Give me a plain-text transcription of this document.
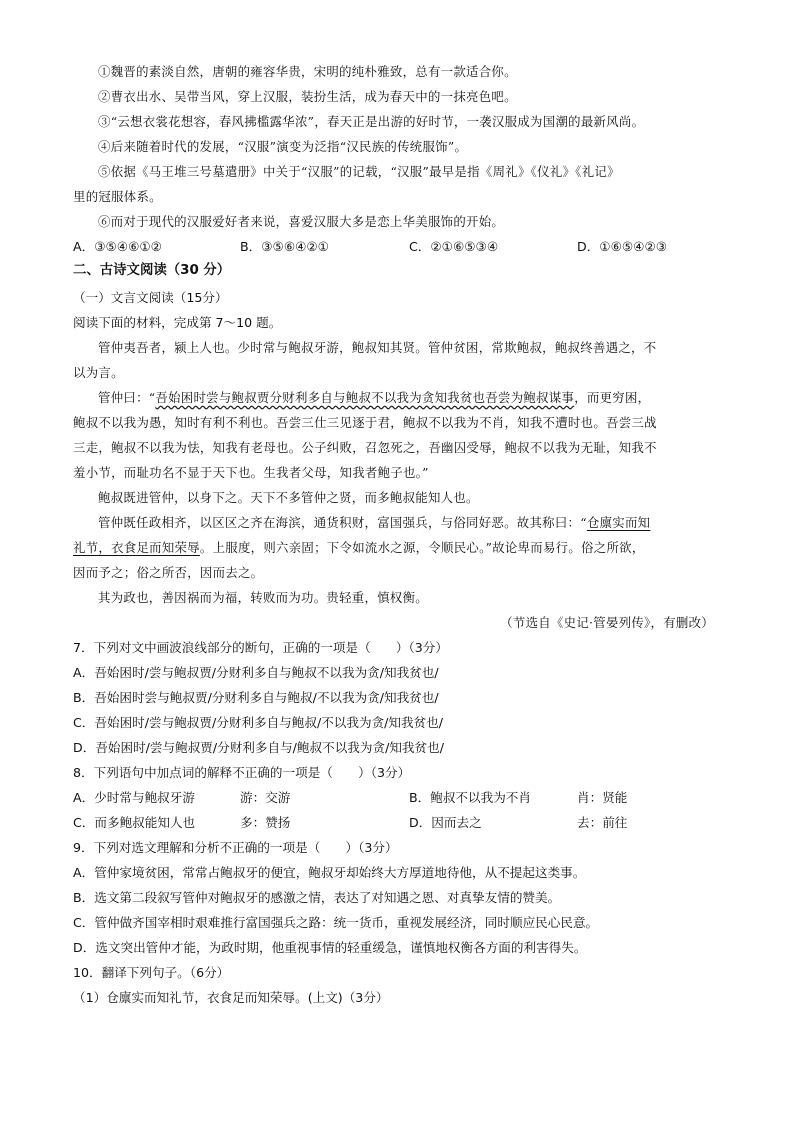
①魏晋的素淡自然，唐朝的雍容华贵，宋明的纯朴雅致，总有一款适合你。
②曹衣出水、吴带当风，穿上汉服，装扮生活，成为春天中的一抹亮色吧。
③“云想衣裳花想容，春风拂槛露华浓”，春天正是出游的好时节，一袭汉服成为国潮的最新风尚。
④后来随着时代的发展，“汉服”演变为泛指“汉民族的传统服饰”。
⑤依据《马王堆三号墓遣册》中关于“汉服”的记载，“汉服”最早是指《周礼》《仪礼》《礼记》
里的冠服体系。
⑥而对于现代的汉服爱好者来说，喜爱汉服大多是恋上华美服饰的开始。
A．③⑤④⑥①②	B．③⑤⑥④②①	C．②①⑥⑤③④	D．①⑥⑤④②③
二、古诗文阅读（30 分）
（一）文言文阅读（15分）
阅读下面的材料，完成第 7～10 题。
管仲夷吾者，颍上人也。少时常与鲍叔牙游，鲍叔知其贤。管仲贫困，常欺鲍叔，鲍叔终善遇之，不
以为言。
管仲曰：“吾始困时尝与鲍叔贾分财利多自与鲍叔不以我为贪知我贫也吾尝为鲍叔谋事，而更穷困，
鲍叔不以我为愚，知时有利不利也。吾尝三仕三见逐于君，鲍叔不以我为不肖，知我不遭时也。吾尝三战
三走，鲍叔不以我为怯，知我有老母也。公子纠败，召忽死之，吾幽囚受辱，鲍叔不以我为无耻，知我不
羞小节，而耻功名不显于天下也。生我者父母，知我者鲍子也。”
鲍叔既进管仲，以身下之。天下不多管仲之贤，而多鲍叔能知人也。
管仲既任政相齐，以区区之齐在海滨，通货积财，富国强兵，与俗同好恶。故其称曰：“仓廪实而知
礼节，衣食足而知荣辱。上服度，则六亲固；下令如流水之源，令顺民心。”故论卑而易行。俗之所欲，
因而予之；俗之所否，因而去之。
其为政也，善因祸而为福，转败而为功。贵轻重，慎权衡。
（节选自《史记·管晏列传》，有删改）
7．下列对文中画波浪线部分的断句，正确的一项是（　　）（3分）
A．吾始困时/尝与鲍叔贾/分财利多自与鲍叔不以我为贪/知我贫也/
B．吾始困时尝与鲍叔贾/分财利多自与鲍叔/不以我为贪/知我贫也/
C．吾始困时/尝与鲍叔贾/分财利多自与鲍叔/不以我为贪/知我贫也/
D．吾始困时/尝与鲍叔贾/分财利多自与/鲍叔不以我为贪/知我贫也/
8．下列语句中加点词的解释不正确的一项是（　　）（3分）
A．少时常与鲍叔牙游	游：交游	B．鲍叔不以我为不肖	肖：贤能
C．而多鲍叔能知人也	多：赞扬	D．因而去之	去：前往
9．下列对选文理解和分析不正确的一项是（　　）（3分）
A．管仲家境贫困，常常占鲍叔牙的便宜，鲍叔牙却始终大方厚道地待他，从不提起这类事。
B．选文第二段叙写管仲对鲍叔牙的感激之情，表达了对知遇之恩、对真挚友情的赞美。
C．管仲做齐国宰相时艰难推行富国强兵之路：统一货币，重视发展经济，同时顺应民心民意。
D．选文突出管仲才能，为政时期，他重视事情的轻重缓急，谨慎地权衡各方面的利害得失。
10．翻译下列句子。（6分）
（1）仓廪实而知礼节，衣食足而知荣辱。(上文)（3分）
